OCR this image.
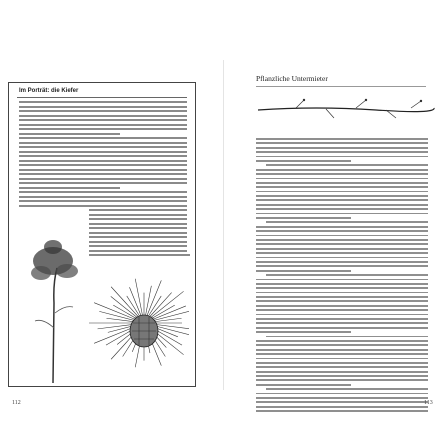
Im Porträt: die Kiefer
112
Pflanzliche Untermieter
113
